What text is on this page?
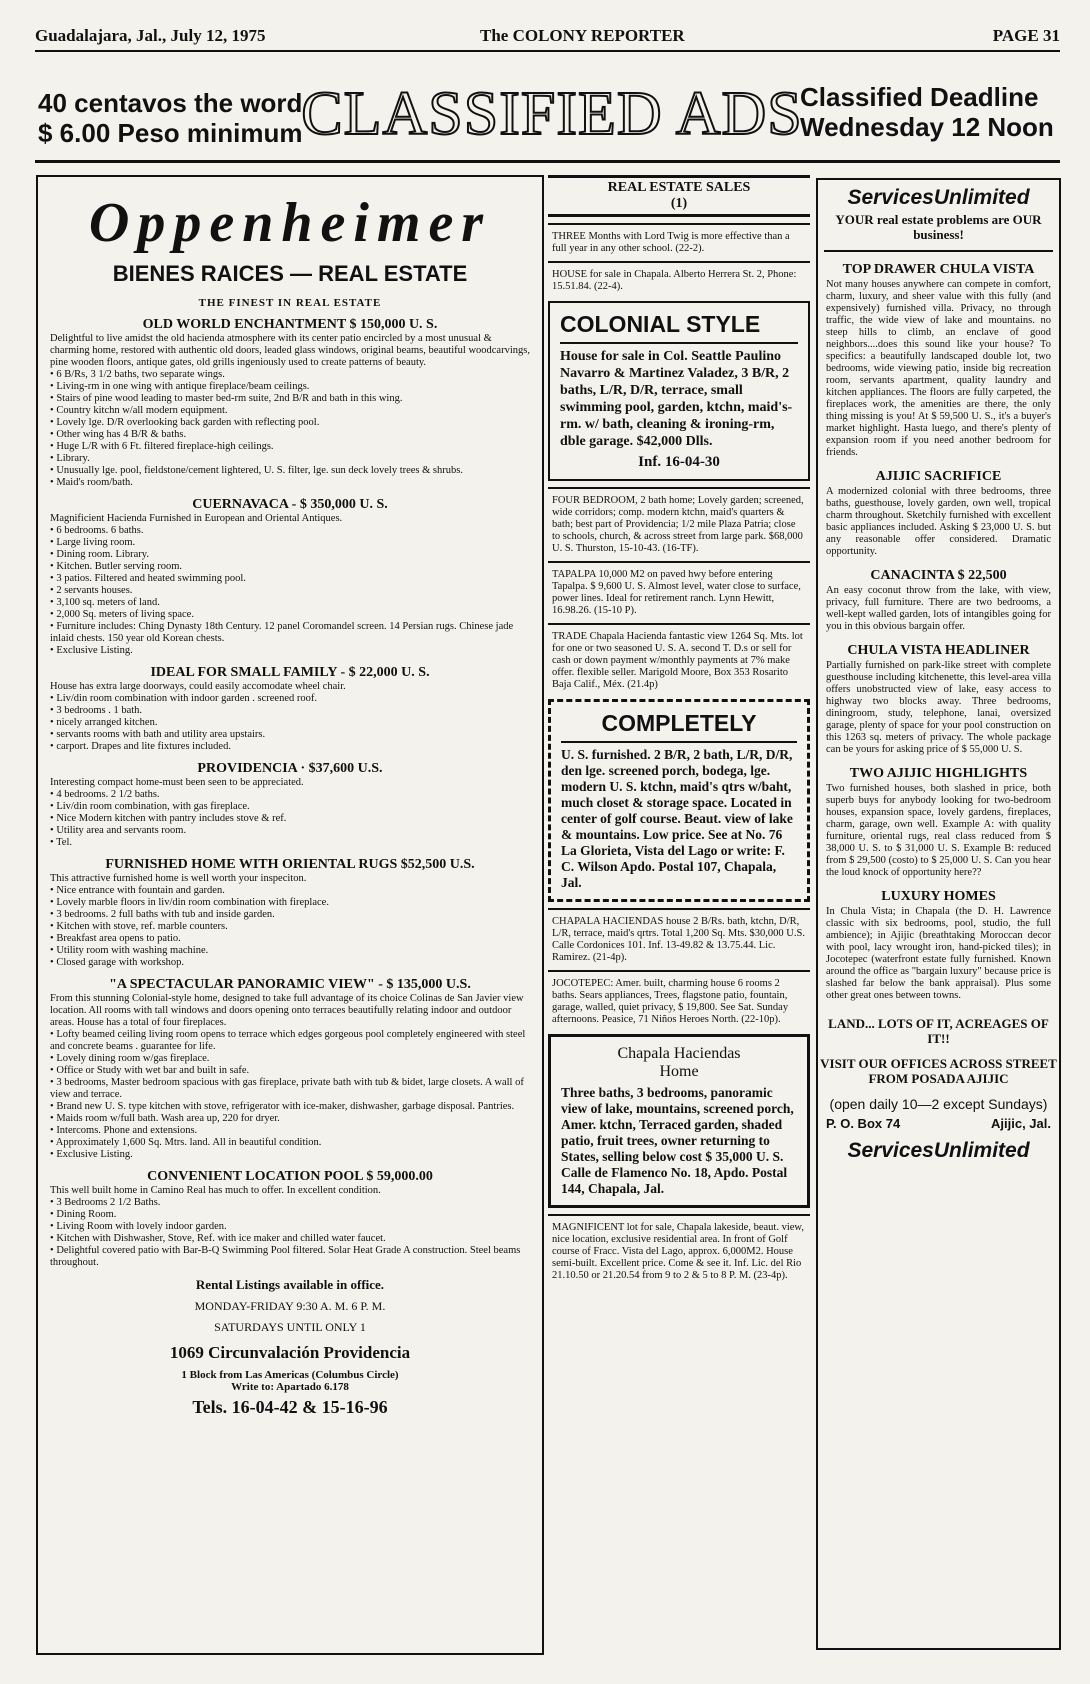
Guadalajara, Jal., July 12, 1975	The COLONY REPORTER	PAGE 31
40 centavos the word
$ 6.00 Peso minimum
CLASSIFIED ADS
Classified Deadline
Wednesday 12 Noon
Oppenheimer
BIENES RAICES — REAL ESTATE
THE FINEST IN REAL ESTATE
OLD WORLD ENCHANTMENT $ 150,000 U. S.

Delightful to live amidst the old hacienda atmosphere with its center patio encircled by a most unusual & charming home, restored with authentic old doors, leaded glass windows, original beams, beautiful woodcarvings, pine wooden floors, antique gates, old grills ingeniously used to create patterns of beauty.

• 6 B/Rs, 3 1/2 baths, two separate wings.
• Living-rm in one wing with antique fireplace/beam ceilings.
• Stairs of pine wood leading to master bed-rm suite, 2nd B/R and bath in this wing.
• Country kitchn w/all modern equipment.
• Lovely lge. D/R overlooking back garden with reflecting pool.
• Other wing has 4 B/R & baths.
• Huge L/R with 6 Ft. filtered fireplace-high ceilings.
• Library.
• Unusually lge. pool, fieldstone/cement lightered, U. S. filter, lge. sun deck lovely trees & shrubs.
• Maid's room/bath.
CUERNAVACA - $ 350,000 U. S.

Magnificient Hacienda Furnished in European and Oriental Antiques.

• 6 bedrooms. 6 baths.
• Large living room.
• Dining room. Library.
• Kitchen. Butler serving room.
• 3 patios. Filtered and heated swimming pool.
• 2 servants houses.
• 3,100 sq. meters of land.
• 2,000 Sq. meters of living space.
• Furniture includes: Ching Dynasty 18th Century. 12 panel Coromandel screen. 14 Persian rugs. Chinese jade inlaid chests. 150 year old Korean chests.
• Exclusive Listing.
IDEAL FOR SMALL FAMILY - $ 22,000 U. S.

House has extra large doorways, could easily accomodate wheel chair.

• Liv/din room combination with indoor garden . screened roof.
• 3 bedrooms . 1 bath.
• nicely arranged kitchen.
• servants rooms with bath and utility area upstairs.
• carport. Drapes and lite fixtures included.
PROVIDENCIA · $37,600 U.S.

Interesting compact home-must been seen to be appreciated.

• 4 bedrooms. 2 1/2 baths.
• Liv/din room combination, with gas fireplace.
• Nice Modern kitchen with pantry includes stove & ref.
• Utility area and servants room.
• Tel.
FURNISHED HOME WITH ORIENTAL RUGS $52,500 U.S.

This attractive furnished home is well worth your inspeciton.

• Nice entrance with fountain and garden.
• Lovely marble floors in liv/din room combination with fireplace.
• 3 bedrooms. 2 full baths with tub and inside garden.
• Kitchen with stove, ref. marble counters.
• Breakfast area opens to patio.
• Utility room with washing machine.
• Closed garage with workshop.
"A SPECTACULAR PANORAMIC VIEW" - $ 135,000 U.S.

From this stunning Colonial-style home, designed to take full advantage of its choice Colinas de San Javier view location. All rooms with tall windows and doors opening onto terraces beautifully relating indoor and outdoor areas. House has a total of four fireplaces.

• Lofty beamed ceiling living room opens to terrace which edges gorgeous pool completely engineered with steel and concrete beams . guarantee for life.
• Lovely dining room w/gas fireplace.
• Office or Study with wet bar and built in safe.
• 3 bedrooms, Master bedroom spacious with gas fireplace, private bath with tub & bidet, large closets. A wall of view and terrace.
• Brand new U. S. type kitchen with stove, refrigerator with ice-maker, dishwasher, garbage disposal. Pantries.
• Maids room w/full bath. Wash area up, 220 for dryer.
• Intercoms. Phone and extensions.
• Approximately 1,600 Sq. Mtrs. land. All in beautiful condition.
• Exclusive Listing.
CONVENIENT LOCATION POOL $ 59,000.00

This well built home in Camino Real has much to offer. In excellent condition.

• 3 Bedrooms 2 1/2 Baths.
• Dining Room.
• Living Room with lovely indoor garden.
• Kitchen with Dishwasher, Stove, Ref. with ice maker and chilled water faucet.
• Delightful covered patio with Bar-B-Q Swimming Pool filtered. Solar Heat Grade A construction. Steel beams throughout.
Rental Listings available in office.
MONDAY-FRIDAY 9:30 A. M. 6 P. M.
SATURDAYS UNTIL ONLY 1
1069 Circunvalación Providencia
1 Block from Las Americas (Columbus Circle)
Write to: Apartado 6.178
Tels. 16-04-42 & 15-16-96
REAL ESTATE SALES
(1)

THREE Months with Lord Twig is more effective than a full year in any other school. (22-2).

HOUSE for sale in Chapala. Alberto Herrera St. 2, Phone: 15.51.84. (22-4).

COLONIAL STYLE
House for sale in Col. Seattle Paulino Navarro & Martinez Valadez, 3 B/R, 2 baths, L/R, D/R, terrace, small swimming pool, garden, ktchn, maid's-rm. w/ bath, cleaning & ironing-rm, dble garage. $42,000 Dlls.
Inf. 16-04-30

FOUR BEDROOM, 2 bath home; Lovely garden; screened, wide corridors; comp. modern ktchn, maid's quarters & bath; best part of Providencia; 1/2 mile Plaza Patria; close to schools, church, & across street from large park. $68,000 U. S. Thurston, 15-10-43. (16-TF).

TAPALPA 10,000 M2 on paved hwy before entering Tapalpa. $ 9,600 U. S. Almost level, water close to surface, power lines. Ideal for retirement ranch. Lynn Hewitt, 16.98.26. (15-10 P).

TRADE Chapala Hacienda fantastic view 1264 Sq. Mts. lot for one or two seasoned U. S. A. second T. D.s or sell for cash or down payment w/monthly payments at 7% make offer. flexible seller. Marigold Moore, Box 353 Rosarito Baja Calif., Méx. (21.4p)

COMPLETELY
U. S. furnished. 2 B/R, 2 bath, L/R, D/R, den lge. screened porch, bodega, lge. modern U. S. ktchn, maid's qtrs w/baht, much closet & storage space. Located in center of golf course. Beaut. view of lake & mountains. Low price. See at No. 76 La Glorieta, Vista del Lago or write: F. C. Wilson Apdo. Postal 107, Chapala, Jal.

CHAPALA HACIENDAS house 2 B/Rs. bath, ktchn, D/R, L/R, terrace, maid's qrtrs. Total 1,200 Sq. Mts. $30,000 U.S. Calle Cordonices 101. Inf. 13-49.82 & 13.75.44. Lic. Ramirez. (21-4p).

JOCOTEPEC: Amer. built, charming house 6 rooms 2 baths. Sears appliances, Trees, flagstone patio, fountain, garage, walled, quiet privacy, $ 19,800. See Sat. Sunday afternoons. Peasice, 71 Niños Heroes North. (22-10p).

Chapala Haciendas
Home
Three baths, 3 bedrooms, panoramic view of lake, mountains, screened porch, Amer. ktchn, Terraced garden, shaded patio, fruit trees, owner returning to States, selling below cost $ 35,000 U. S. Calle de Flamenco No. 18, Apdo. Postal 144, Chapala, Jal.

MAGNIFICENT lot for sale, Chapala lakeside, beaut. view, nice location, exclusive residential area. In front of Golf course of Fracc. Vista del Lago, approx. 6,000M2. House semi-built. Excellent price. Come & see it. Inf. Lic. del Rio 21.10.50 or 21.20.54 from 9 to 2 & 5 to 8 P. M. (23-4p).

ServicesUnlimited
YOUR real estate problems are OUR business!
TOP DRAWER CHULA VISTA

Not many houses anywhere can compete in comfort, charm, luxury, and sheer value with this fully (and expensively) furnished villa. Privacy, no through traffic, the wide view of lake and mountains. no steep hills to climb, an enclave of good neighbors....does this sound like your house? To specifics: a beautifully landscaped double lot, two bedrooms, wide viewing patio, inside big recreation room, servants apartment, quality laundry and kitchen appliances. The floors are fully carpeted, the fireplaces work, the amenities are there, the only thing missing is you! At $ 59,500 U. S., it's a buyer's market highlight. Hasta luego, and there's plenty of expansion room if you need another bedroom for friends.

AJIJIC SACRIFICE

A modernized colonial with three bedrooms, three baths, guesthouse, lovely garden, own well, tropical charm throughout. Sketchily furnished with excellent basic appliances included. Asking $ 23,000 U. S. but any reasonable offer considered. Dramatic opportunity.

CANACINTA $ 22,500

An easy coconut throw from the lake, with view, privacy, full furniture. There are two bedrooms, a well-kept walled garden, lots of intangibles going for you in this obvious bargain offer.

CHULA VISTA HEADLINER

Partially furnished on park-like street with complete guesthouse including kitchenette, this level-area villa offers unobstructed view of lake, easy access to highway two blocks away. Three bedrooms, diningroom, study, telephone, lanai, oversized garage, plenty of space for your pool construction on this 1263 sq. meters of privacy. The whole package can be yours for asking price of $ 55,000 U. S.

TWO AJIJIC HIGHLIGHTS

Two furnished houses, both slashed in price, both superb buys for anybody looking for two-bedroom houses, expansion space, lovely gardens, fireplaces, charm, garage, own well. Example A: with quality furniture, oriental rugs, real class reduced from $ 38,000 U. S. to $ 31,000 U. S. Example B: reduced from $ 29,500 (costo) to $ 25,000 U. S. Can you hear the loud knock of opportunity here??

LUXURY HOMES

In Chula Vista; in Chapala (the D. H. Lawrence classic with six bedrooms, pool, studio, the full ambience); in Ajijic (breathtaking Moroccan decor with pool, lacy wrought iron, hand-picked tiles); in Jocotepec (waterfront estate fully furnished. Known around the office as "bargain luxury" because price is slashed far below the bank appraisal). Plus some other great ones between towns.

LAND... LOTS OF IT, ACREAGES OF IT!!
VISIT OUR OFFICES ACROSS STREET FROM POSADA AJIJIC
(open daily 10—2 except Sundays)
P. O. Box 74	Ajijic, Jal.
ServicesUnlimited
